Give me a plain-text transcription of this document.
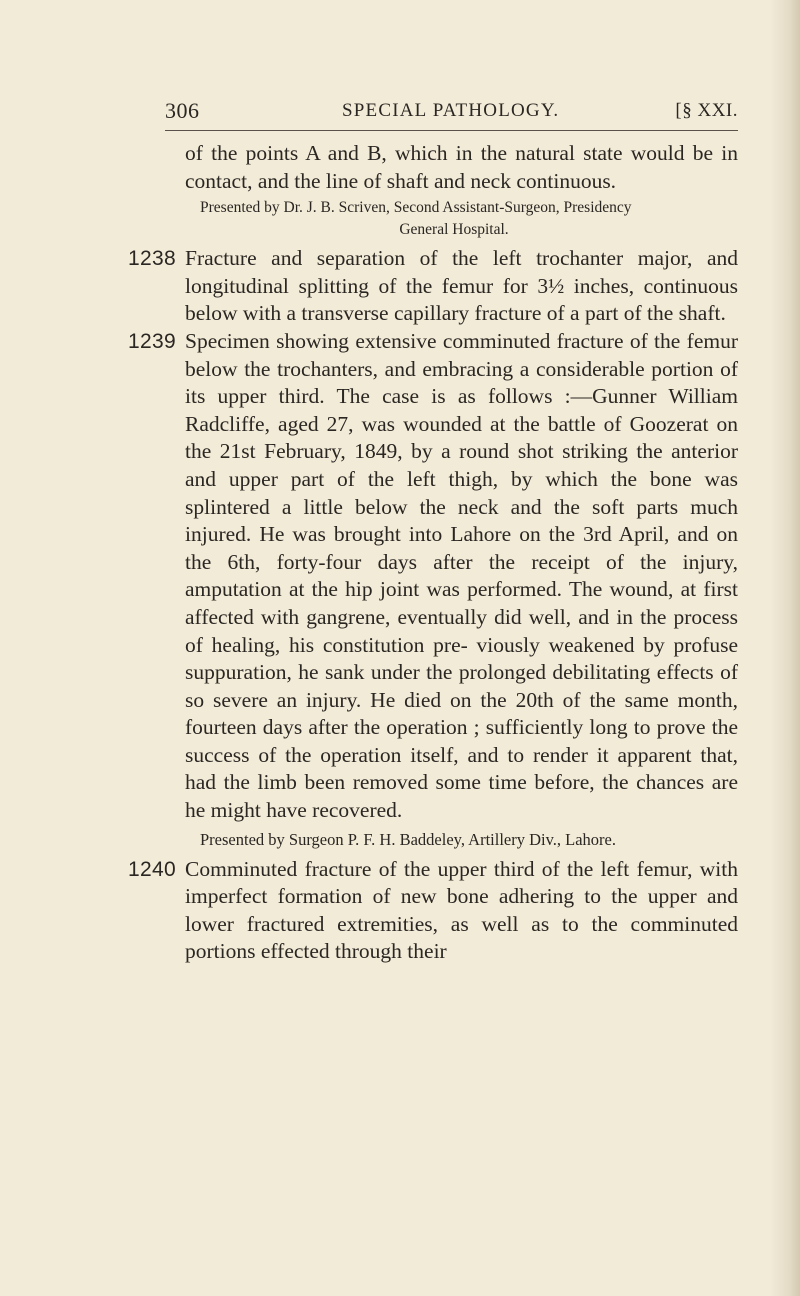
306	SPECIAL PATHOLOGY.	[§ XXI.

of the points A and B, which in the natural state would be in contact, and the line of shaft and neck continuous.

Presented by Dr. J. B. Scriven, Second Assistant-Surgeon, Presidency
General Hospital.
1238 Fracture and separation of the left trochanter major, and longitudinal splitting of the femur for 3½ inches, continuous below with a transverse capillary fracture of a part of the shaft.

1239 Specimen showing extensive comminuted fracture of the femur below the trochanters, and embracing a considerable portion of its upper third. The case is as follows :—Gunner William Radcliffe, aged 27, was wounded at the battle of Goozerat on the 21st February, 1849, by a round shot striking the anterior and upper part of the left thigh, by which the bone was splintered a little below the neck and the soft parts much injured. He was brought into Lahore on the 3rd April, and on the 6th, forty-four days after the receipt of the injury, amputation at the hip joint was performed. The wound, at first affected with gangrene, eventually did well, and in the process of healing, his constitution pre- viously weakened by profuse suppuration, he sank under the prolonged debilitating effects of so severe an injury. He died on the 20th of the same month, fourteen days after the operation ; sufficiently long to prove the success of the operation itself, and to render it apparent that, had the limb been removed some time before, the chances are he might have recovered.

Presented by Surgeon P. F. H. Baddeley, Artillery Div., Lahore.
1240 Comminuted fracture of the upper third of the left femur, with imperfect formation of new bone adhering to the upper and lower fractured extremities, as well as to the comminuted portions effected through their
